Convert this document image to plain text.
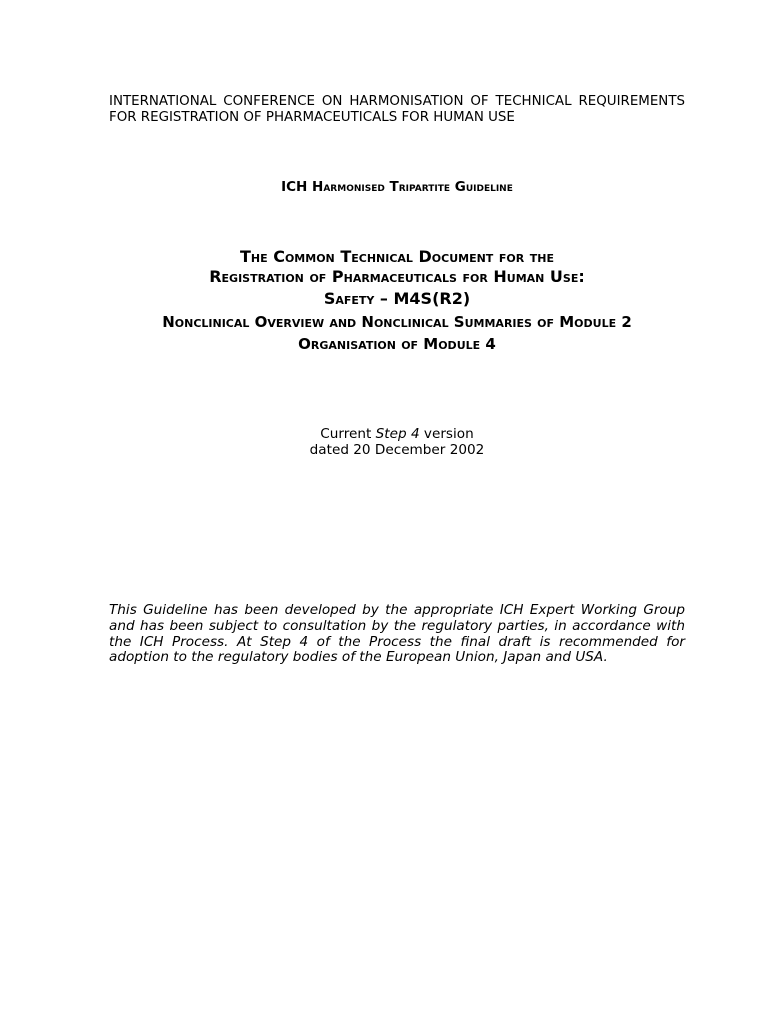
INTERNATIONAL CONFERENCE ON HARMONISATION OF TECHNICAL REQUIREMENTS FOR REGISTRATION OF PHARMACEUTICALS FOR HUMAN USE
ICH Harmonised Tripartite Guideline
The Common Technical Document for the
Registration of Pharmaceuticals for Human Use:
Safety – M4S(R2)
Nonclinical Overview and Nonclinical Summaries of Module 2
Organisation of Module 4
Current Step 4 version
dated 20 December 2002
This Guideline has been developed by the appropriate ICH Expert Working Group and has been subject to consultation by the regulatory parties, in accordance with the ICH Process. At Step 4 of the Process the final draft is recommended for adoption to the regulatory bodies of the European Union, Japan and USA.
